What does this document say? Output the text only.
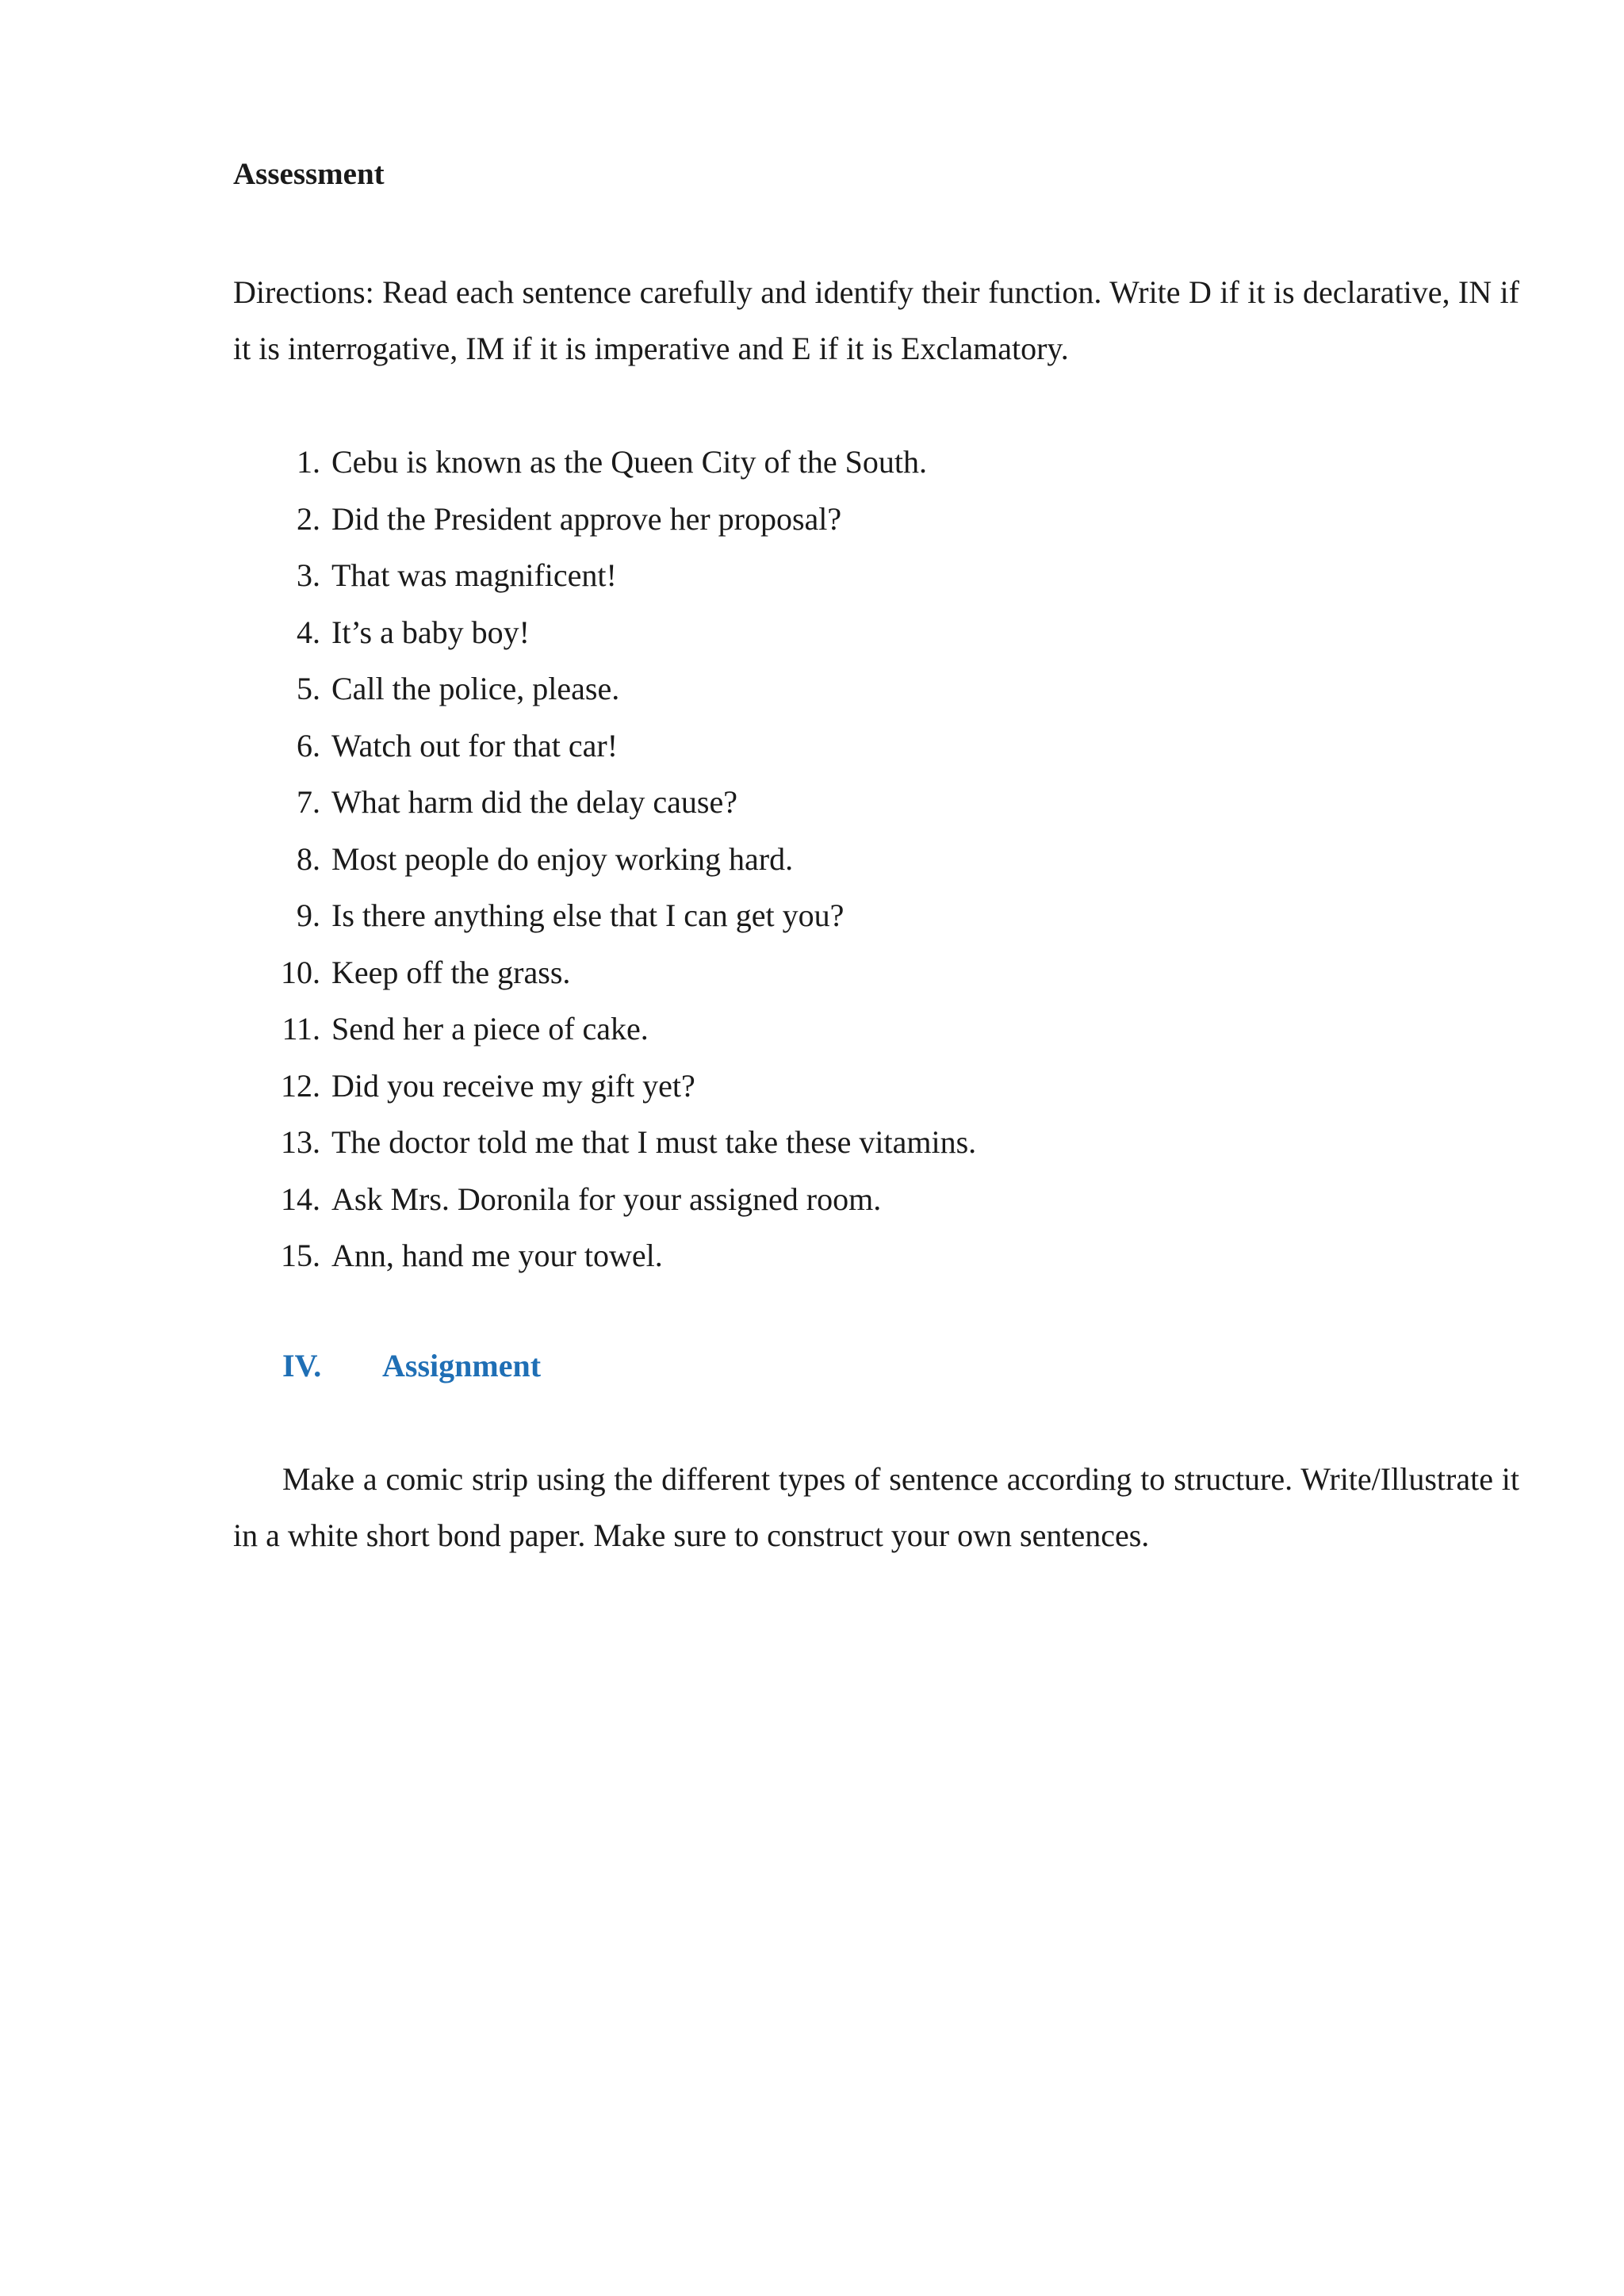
Assessment

Directions: Read each sentence carefully and identify their function. Write D if it is declarative, IN if it is interrogative, IM if it is imperative and E if it is Exclamatory.

1. Cebu is known as the Queen City of the South.
2. Did the President approve her proposal?
3. That was magnificent!
4. It’s a baby boy!
5. Call the police, please.
6. Watch out for that car!
7. What harm did the delay cause?
8. Most people do enjoy working hard.
9. Is there anything else that I can get you?
10. Keep off the grass.
11. Send her a piece of cake.
12. Did you receive my gift yet?
13. The doctor told me that I must take these vitamins.
14. Ask Mrs. Doronila for your assigned room.
15. Ann, hand me your towel.
IV.	Assignment

Make a comic strip using the different types of sentence according to structure. Write/Illustrate it in a white short bond paper. Make sure to construct your own sentences.
